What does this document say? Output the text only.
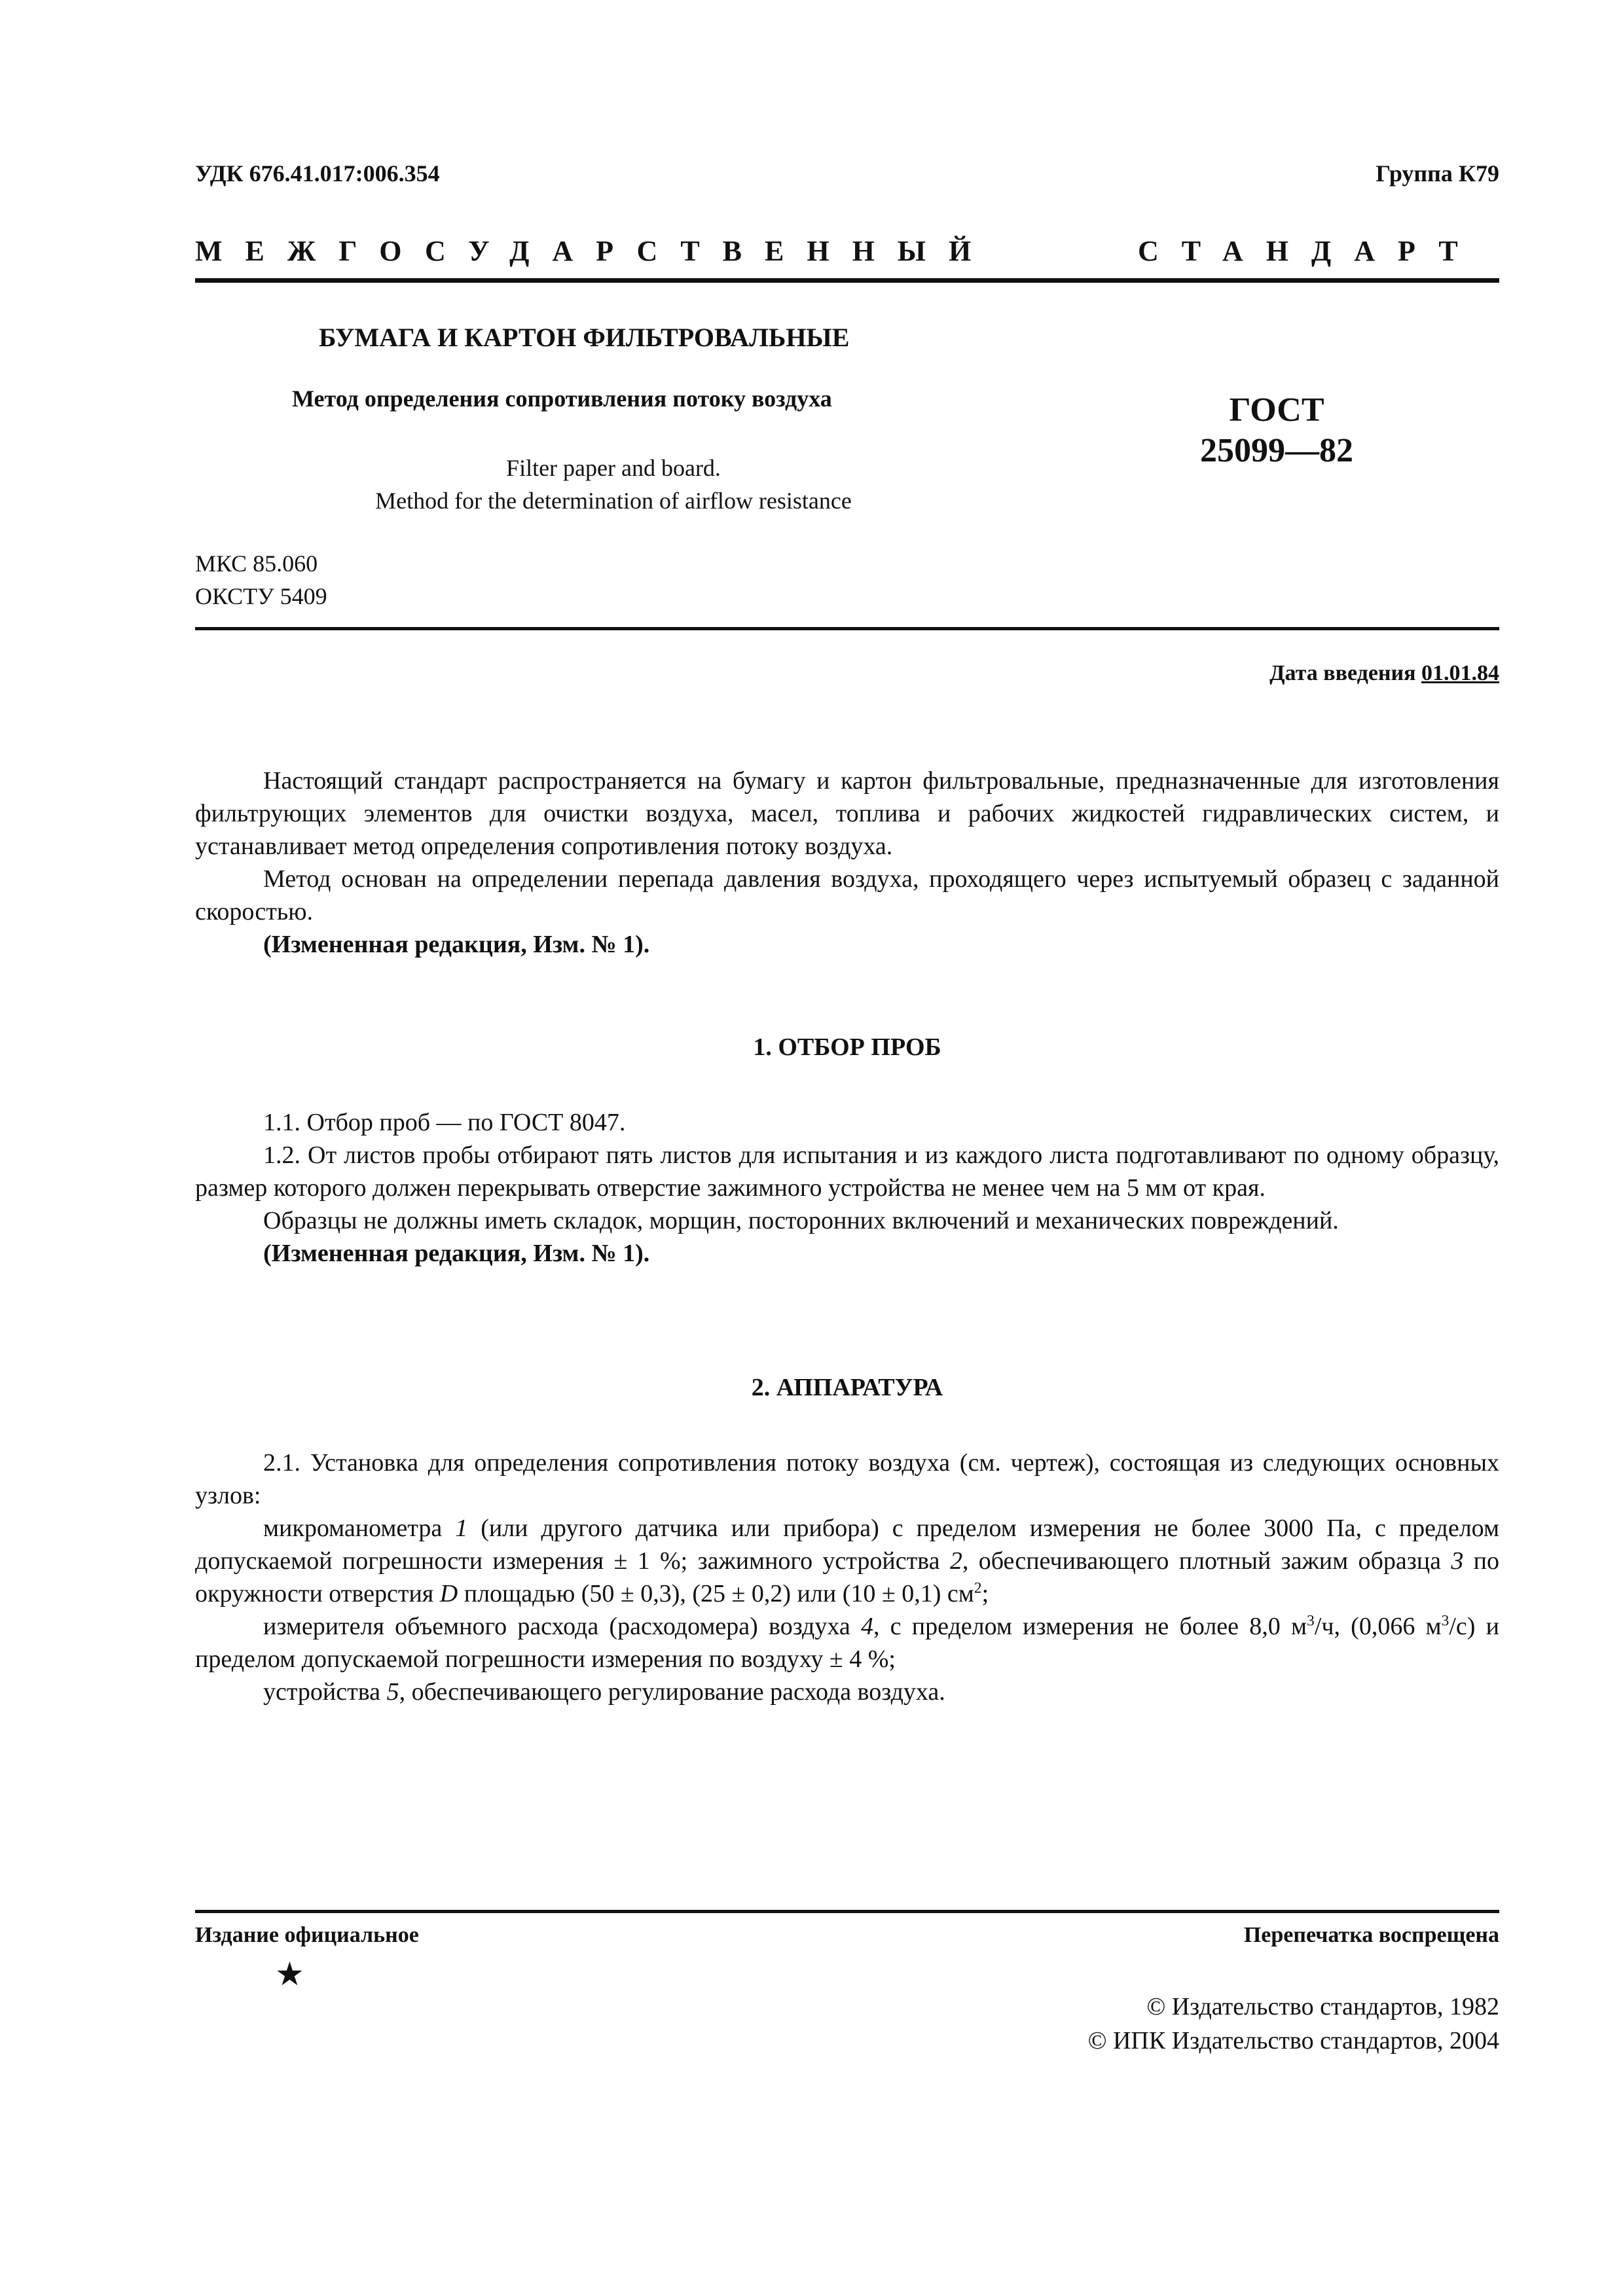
УДК 676.41.017:006.354	Группа К79
МЕЖГОСУДАРСТВЕННЫЙ	СТАНДАРТ
БУМАГА И КАРТОН ФИЛЬТРОВАЛЬНЫЕ
Метод определения сопротивления потоку воздуха
Filter paper and board.
Method for the determination of airflow resistance
ГОСТ
25099—82
МКС 85.060
ОКСТУ 5409
Дата введения 01.01.84

Настоящий стандарт распространяется на бумагу и картон фильтровальные, предназначенные для изготовления фильтрующих элементов для очистки воздуха, масел, топлива и рабочих жидкостей гидравлических систем, и устанавливает метод определения сопротивления потоку воздуха.

Метод основан на определении перепада давления воздуха, проходящего через испытуемый образец с заданной скоростью.

(Измененная редакция, Изм. № 1).

1. ОТБОР ПРОБ

1.1. Отбор проб — по ГОСТ 8047.

1.2. От листов пробы отбирают пять листов для испытания и из каждого листа подготавливают по одному образцу, размер которого должен перекрывать отверстие зажимного устройства не менее чем на 5 мм от края.

Образцы не должны иметь складок, морщин, посторонних включений и механических повреждений.

(Измененная редакция, Изм. № 1).

2. АППАРАТУРА

2.1. Установка для определения сопротивления потоку воздуха (см. чертеж), состоящая из следующих основных узлов:

микроманометра 1 (или другого датчика или прибора) с пределом измерения не более 3000 Па, с пределом допускаемой погрешности измерения ± 1 %; зажимного устройства 2, обеспечивающего плотный зажим образца 3 по окружности отверстия D площадью (50 ± 0,3), (25 ± 0,2) или (10 ± 0,1) $см^2$;

измерителя объемного расхода (расходомера) воздуха 4, с пределом измерения не более 8,0 $м^3/ч$, (0,066 $м^3/с$) и пределом допускаемой погрешности измерения по воздуху ± 4 %;

устройства 5, обеспечивающего регулирование расхода воздуха.

Издание официальное	Перепечатка воспрещена
★
© Издательство стандартов, 1982
© ИПК Издательство стандартов, 2004
